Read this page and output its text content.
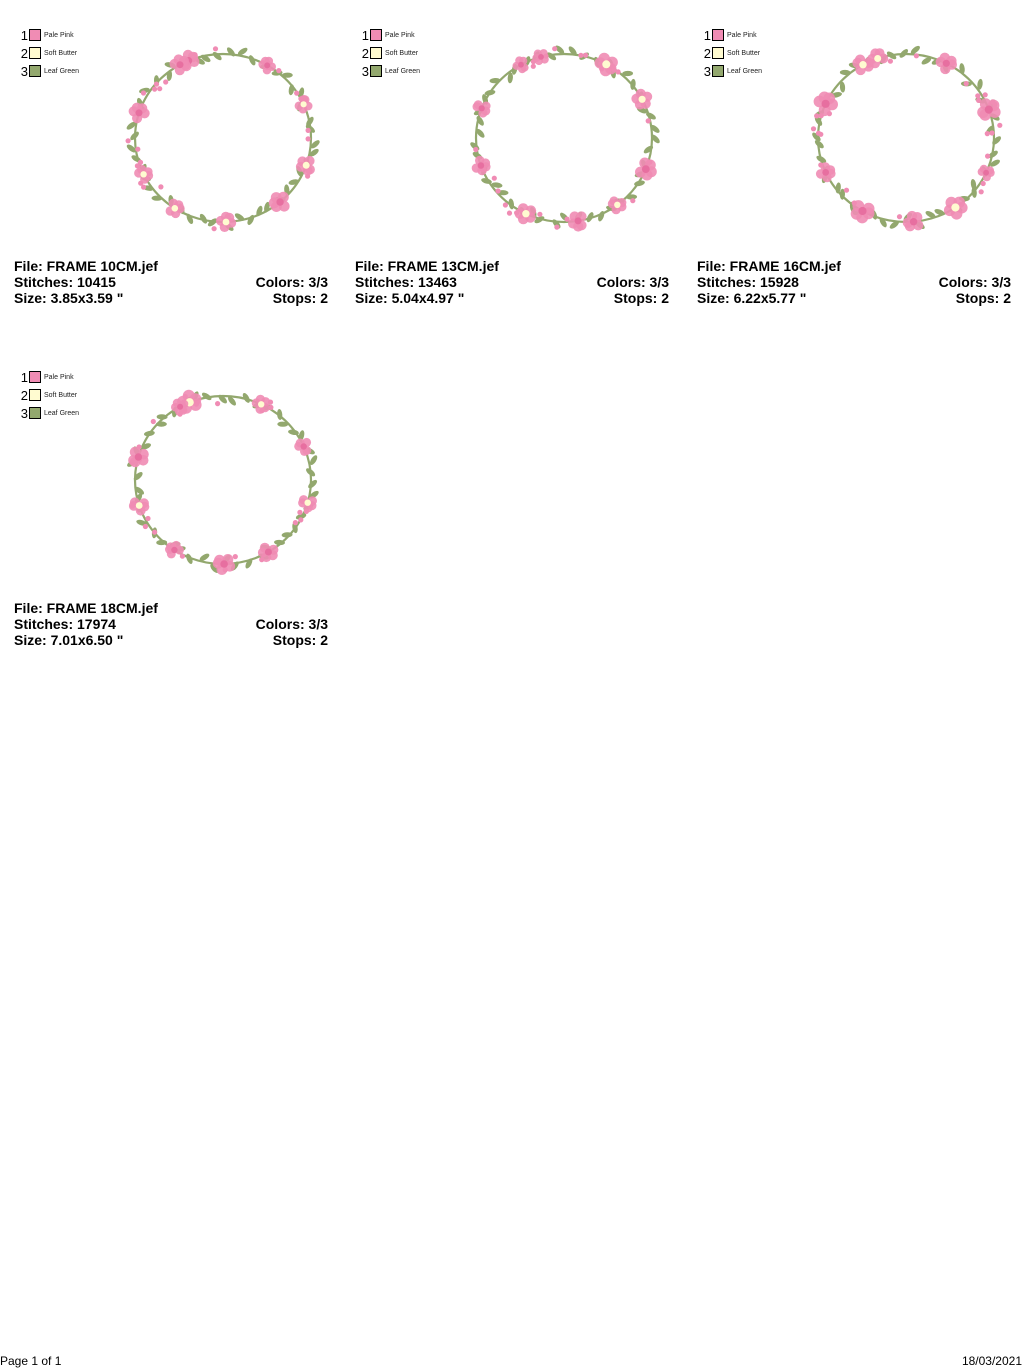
1 Pale Pink
2 Soft Butter
3 Leaf Green
File: FRAME 10CM.jef
Stitches: 10415	Colors: 3/3
Size: 3.85x3.59 "	Stops: 2
1 Pale Pink
2 Soft Butter
3 Leaf Green
File: FRAME 13CM.jef
Stitches: 13463	Colors: 3/3
Size: 5.04x4.97 "	Stops: 2
1 Pale Pink
2 Soft Butter
3 Leaf Green
File: FRAME 16CM.jef
Stitches: 15928	Colors: 3/3
Size: 6.22x5.77 "	Stops: 2
1 Pale Pink
2 Soft Butter
3 Leaf Green
File: FRAME 18CM.jef
Stitches: 17974	Colors: 3/3
Size: 7.01x6.50 "	Stops: 2
Page 1 of 1	18/03/2021
